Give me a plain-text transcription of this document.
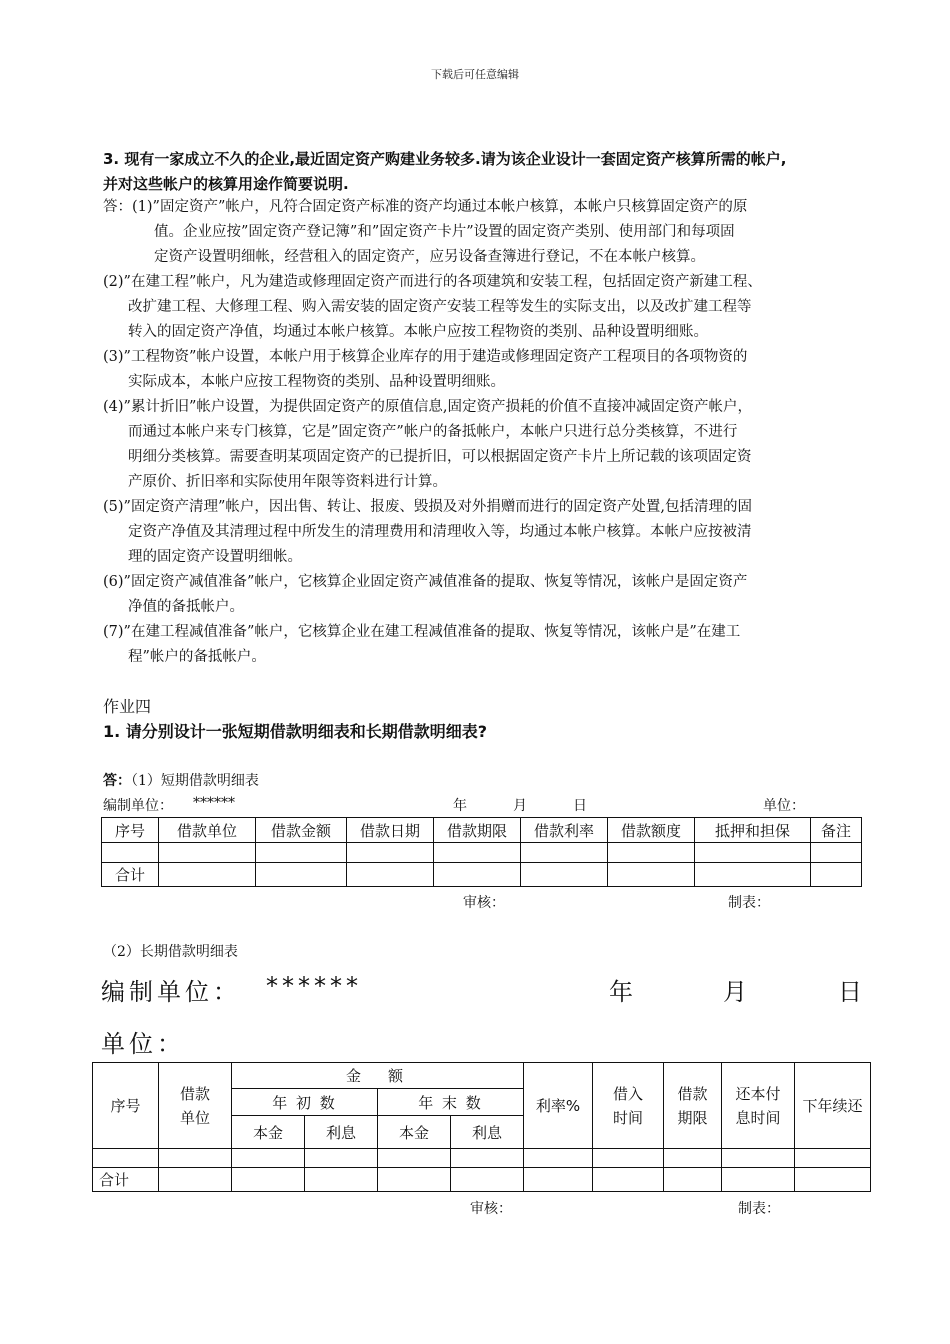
下载后可任意编辑
3. 现有一家成立不久的企业,最近固定资产购建业务较多.请为该企业设计一套固定资产核算所需的帐户,
并对这些帐户的核算用途作简要说明.
答：(1)”固定资产”帐户，凡符合固定资产标准的资产均通过本帐户核算，本帐户只核算固定资产的原
值。企业应按”固定资产登记簿”和”固定资产卡片”设置的固定资产类别、使用部门和每项固
定资产设置明细帐，经营租入的固定资产，应另设备查簿进行登记，不在本帐户核算。
(2)”在建工程”帐户，凡为建造或修理固定资产而进行的各项建筑和安装工程，包括固定资产新建工程、
改扩建工程、大修理工程、购入需安装的固定资产安装工程等发生的实际支出，以及改扩建工程等
转入的固定资产净值，均通过本帐户核算。本帐户应按工程物资的类别、品种设置明细账。
(3)”工程物资”帐户设置，本帐户用于核算企业库存的用于建造或修理固定资产工程项目的各项物资的
实际成本，本帐户应按工程物资的类别、品种设置明细账。
(4)”累计折旧”帐户设置，为提供固定资产的原值信息,固定资产损耗的价值不直接冲减固定资产帐户，
而通过本帐户来专门核算，它是”固定资产”帐户的备抵帐户，本帐户只进行总分类核算，不进行
明细分类核算。需要查明某项固定资产的已提折旧，可以根据固定资产卡片上所记载的该项固定资
产原价、折旧率和实际使用年限等资料进行计算。
(5)”固定资产清理”帐户，因出售、转让、报废、毁损及对外捐赠而进行的固定资产处置,包括清理的固
定资产净值及其清理过程中所发生的清理费用和清理收入等，均通过本帐户核算。本帐户应按被清
理的固定资产设置明细帐。
(6)”固定资产减值准备”帐户，它核算企业固定资产减值准备的提取、恢复等情况，该帐户是固定资产
净值的备抵帐户。
(7)”在建工程减值准备”帐户，它核算企业在建工程减值准备的提取、恢复等情况，该帐户是”在建工
程”帐户的备抵帐户。
作业四
1. 请分别设计一张短期借款明细表和长期借款明细表?
答：（1）短期借款明细表
编制单位： ******	年	月	日	单位：
序号	借款单位	借款金额	借款日期	借款期限	借款利率	借款额度	抵押和担保	备注

合计								
审核：	制表：
（2）长期借款明细表
编制单位： ******	年	月	日
单位：
序号	借款单位	金　额				利率%	借入时间	借款期限	还本付息时间	下年续还
		年 初 数		年 末 数						
		本金	利息	本金	利息					

合计										
审核：	制表：
